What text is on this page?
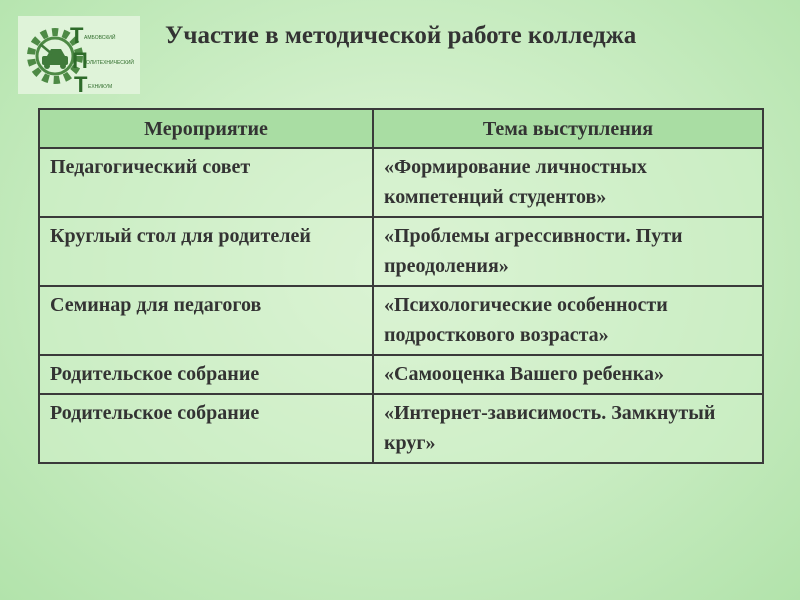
Т
П
Т
АМБОВСКИЙ
ОЛИТЕХНИЧЕСКИЙ
ЕХНИКУМ
Участие в методической работе колледжа
Мероприятие	Тема выступления
Педагогический совет	«Формирование личностных компетенций студентов»
Круглый стол для родителей	«Проблемы агрессивности. Пути преодоления»
Семинар для педагогов	«Психологические особенности подросткового возраста»
Родительское собрание	«Самооценка Вашего ребенка»
Родительское собрание	«Интернет-зависимость. Замкнутый круг»
